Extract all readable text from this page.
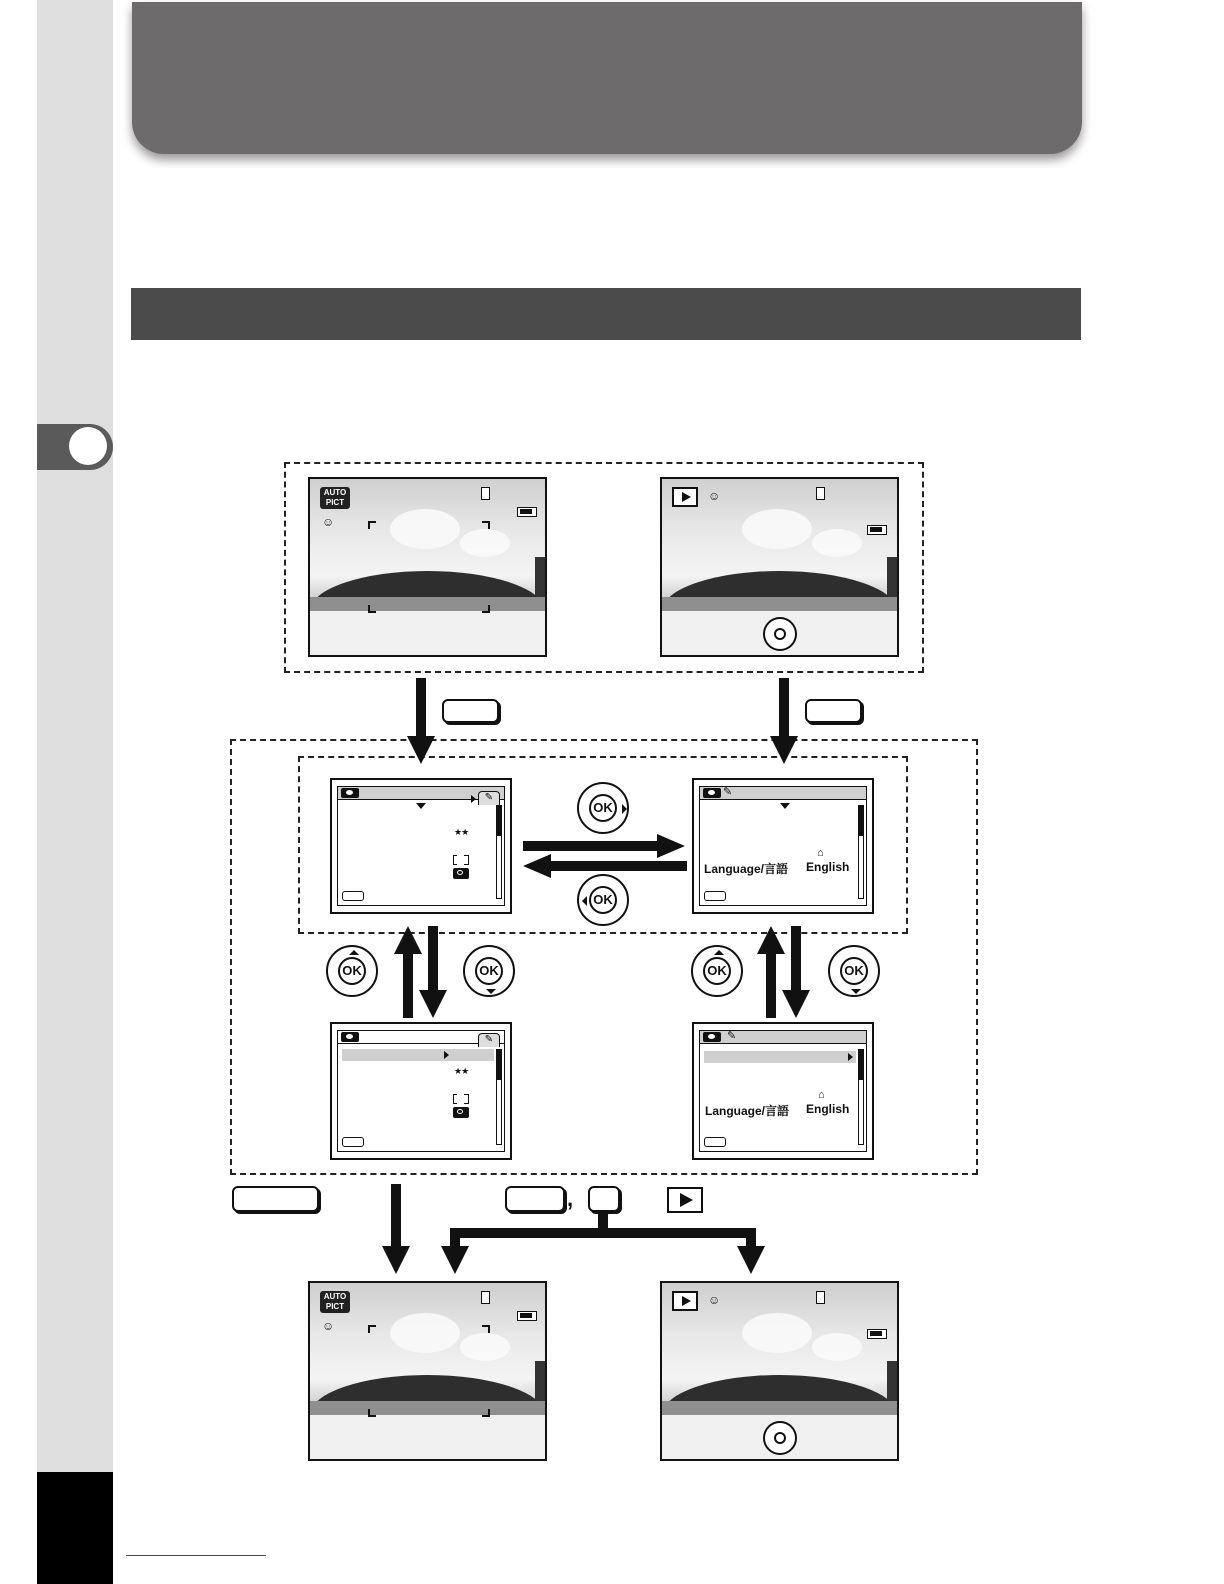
AUTO
PICT
☺
☺
✎
★★
✎
⌂
Language/言語 English
OK
OK
OK	OK	OK	OK
✎
★★
✎
⌂
Language/言語 English
,
AUTO
PICT
☺
☺
